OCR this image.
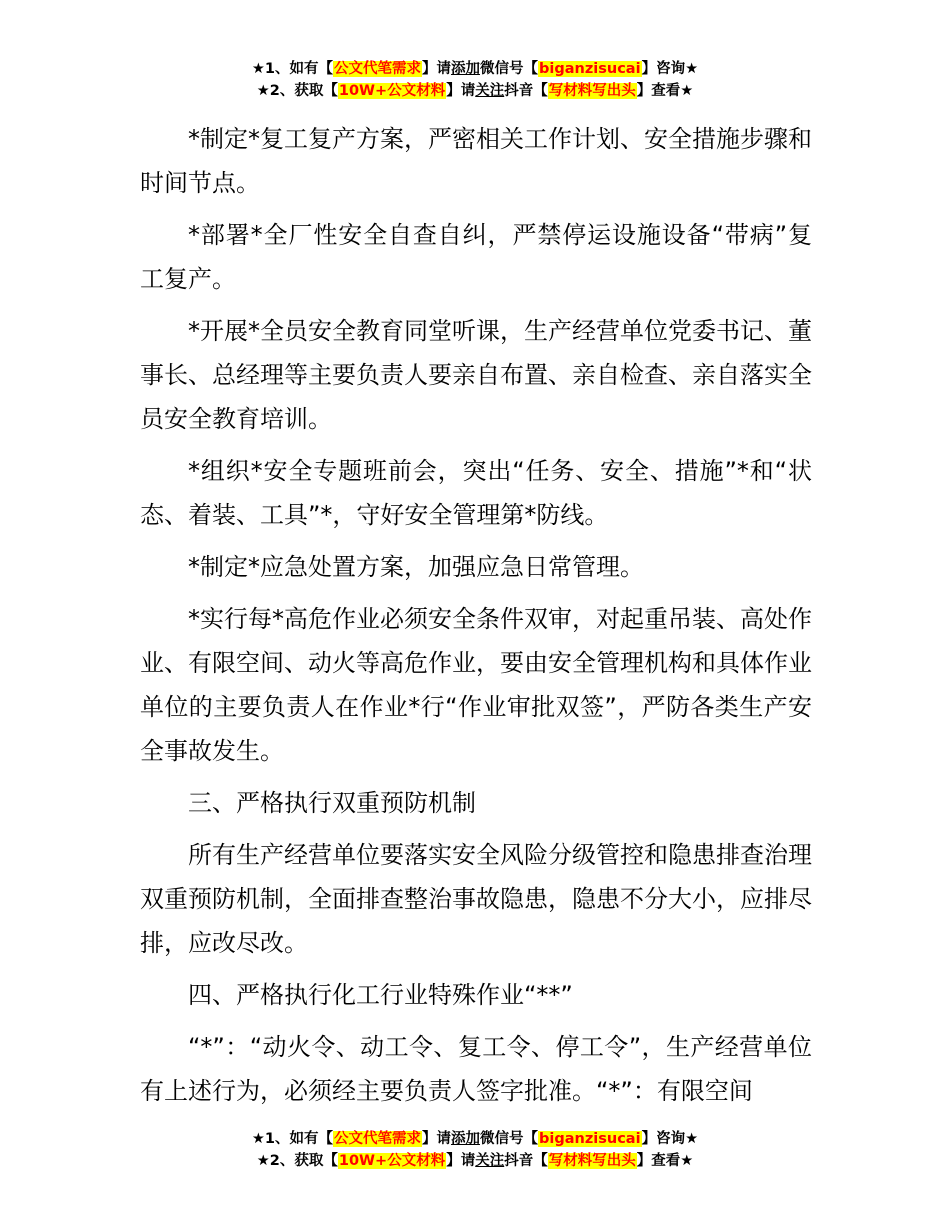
★1、如有【公文代笔需求】请添加微信号【biganzisucai】咨询★
★2、获取【10W+公文材料】请关注抖音【写材料写出头】查看★

*制定*复工复产方案，严密相关工作计划、安全措施步骤和时间节点。

*部署*全厂性安全自查自纠，严禁停运设施设备“带病”复工复产。

*开展*全员安全教育同堂听课，生产经营单位党委书记、董事长、总经理等主要负责人要亲自布置、亲自检查、亲自落实全员安全教育培训。

*组织*安全专题班前会，突出“任务、安全、措施”*和“状态、着装、工具”*，守好安全管理第*防线。

*制定*应急处置方案，加强应急日常管理。

*实行每*高危作业必须安全条件双审，对起重吊装、高处作业、有限空间、动火等高危作业，要由安全管理机构和具体作业单位的主要负责人在作业*行“作业审批双签”，严防各类生产安全事故发生。

三、严格执行双重预防机制

所有生产经营单位要落实安全风险分级管控和隐患排查治理双重预防机制，全面排查整治事故隐患，隐患不分大小，应排尽排，应改尽改。

四、严格执行化工行业特殊作业“**”

“*”：“动火令、动工令、复工令、停工令”，生产经营单位有上述行为，必须经主要负责人签字批准。“*”：有限空间

★1、如有【公文代笔需求】请添加微信号【biganzisucai】咨询★
★2、获取【10W+公文材料】请关注抖音【写材料写出头】查看★
